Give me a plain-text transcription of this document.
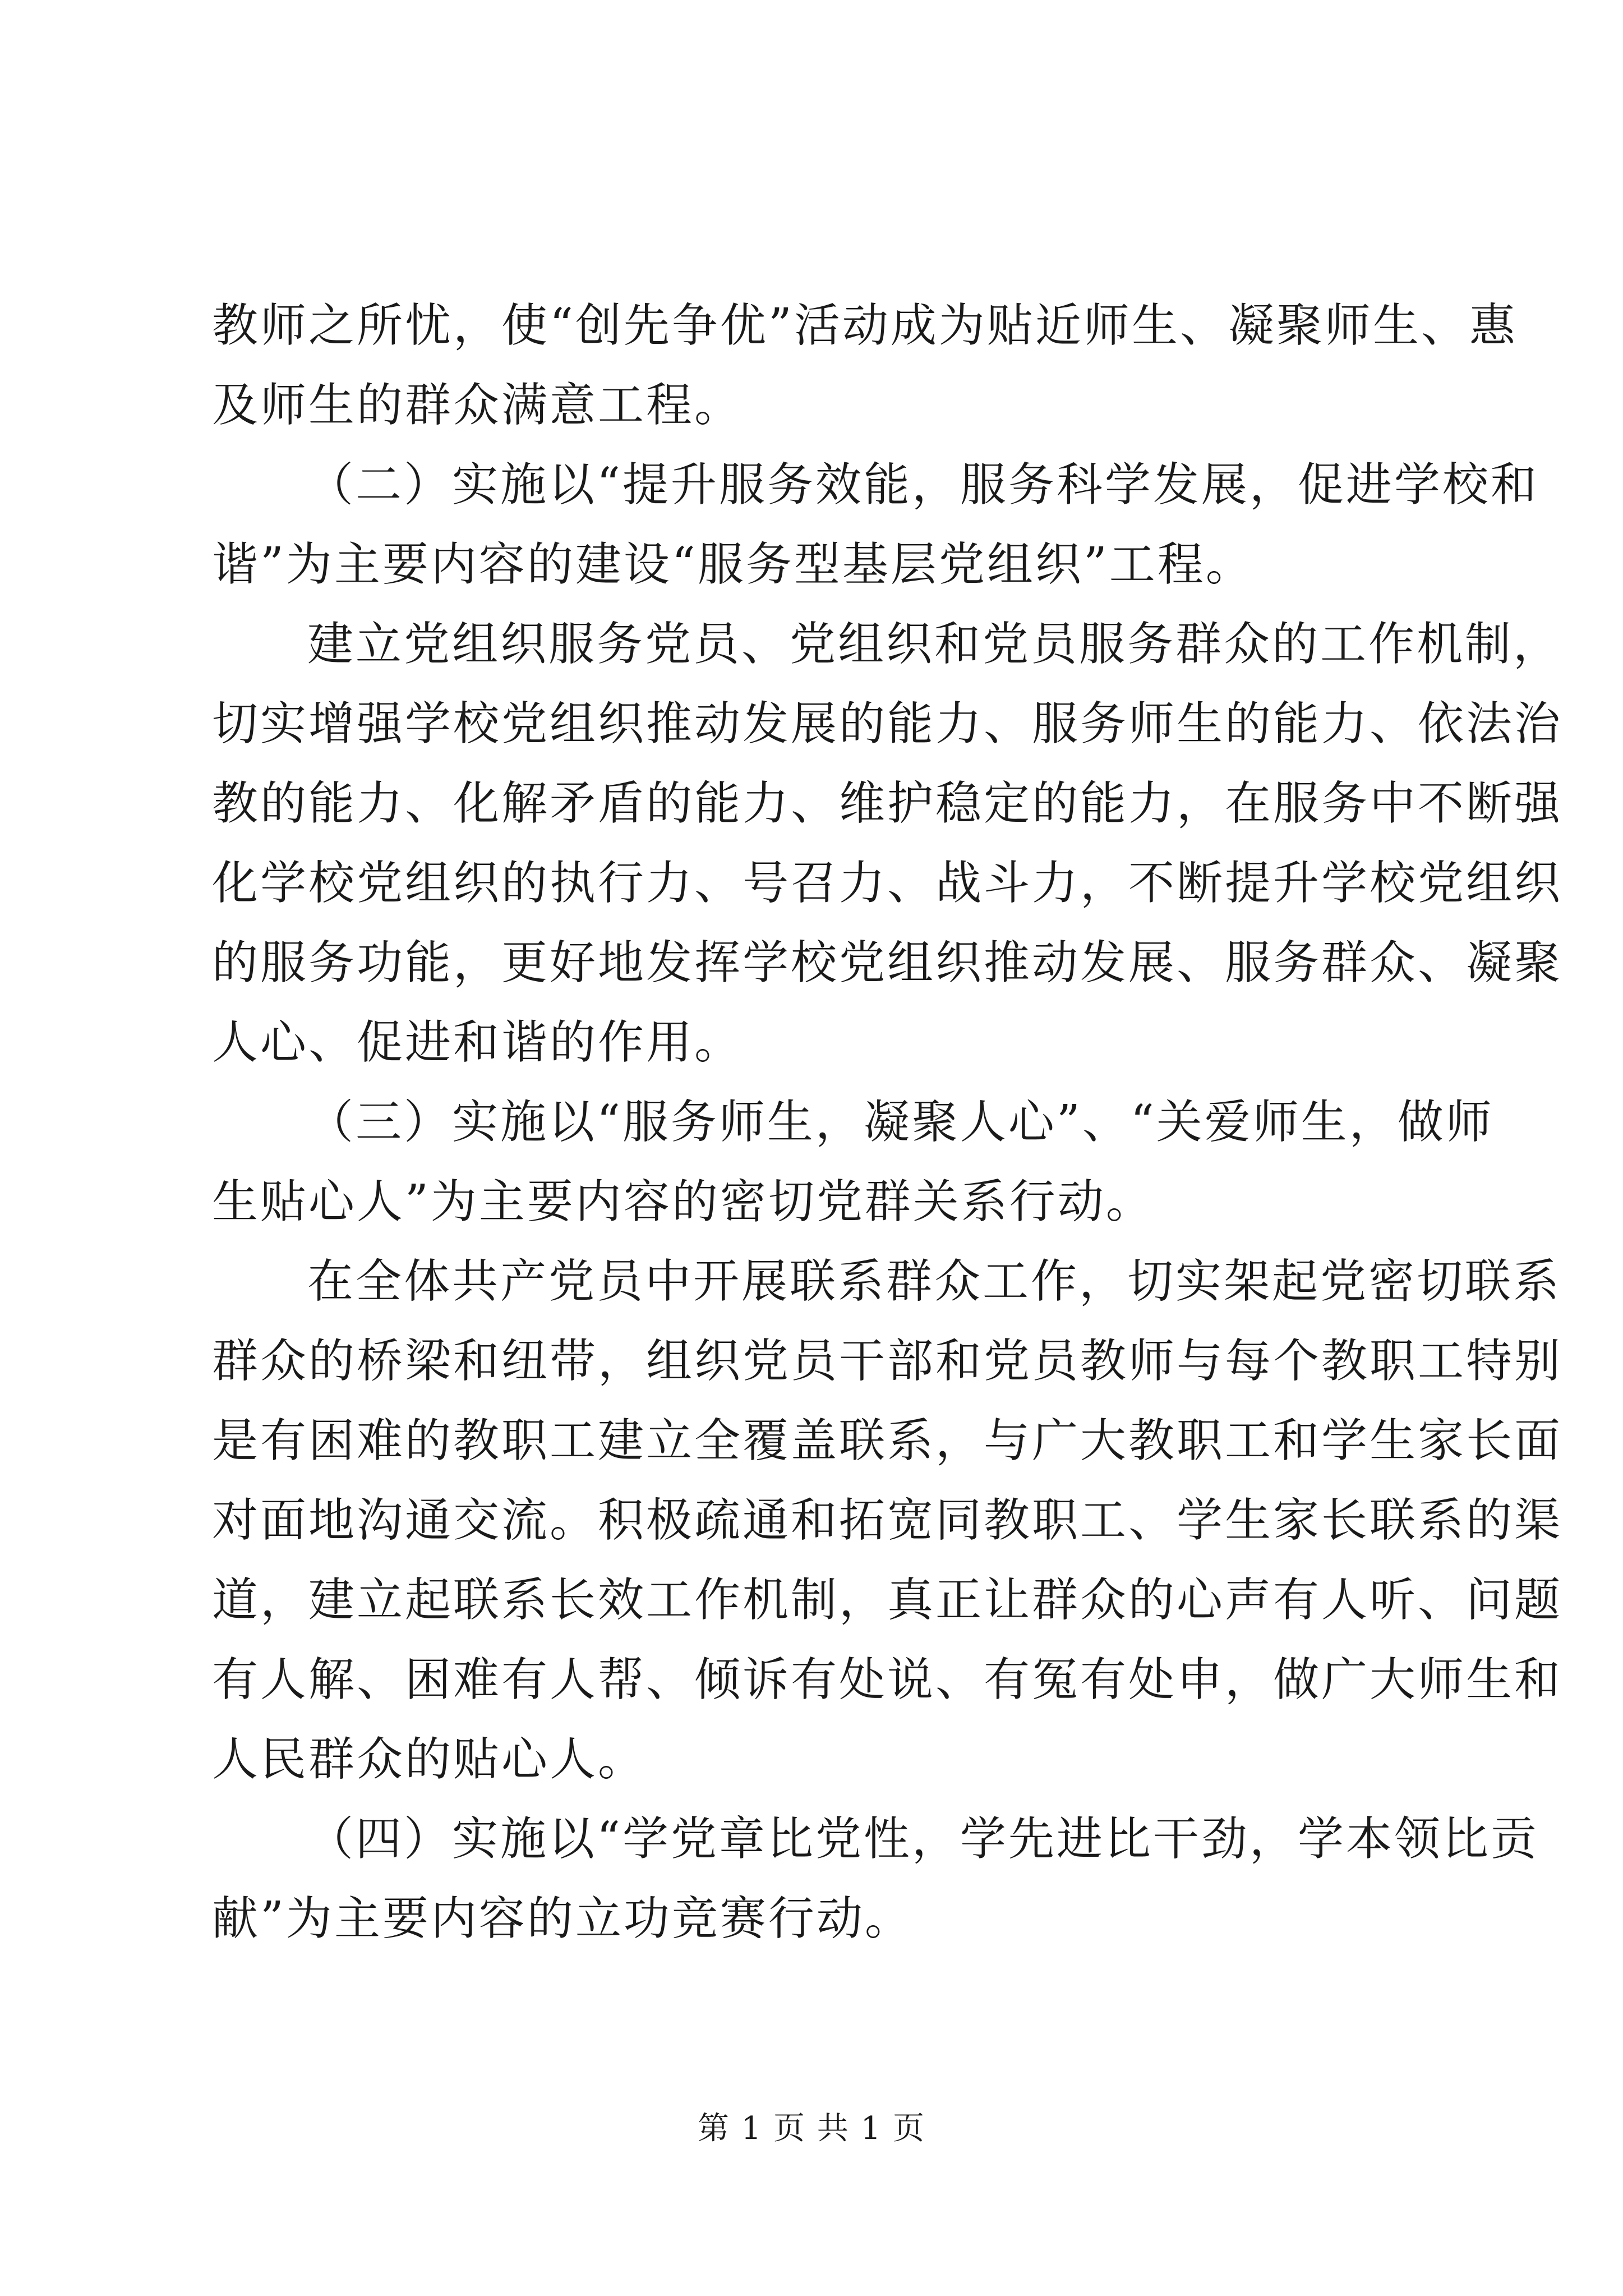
教师之所忧，使“创先争优”活动成为贴近师生、凝聚师生、惠
及师生的群众满意工程。
（二）实施以“提升服务效能，服务科学发展，促进学校和
谐”为主要内容的建设“服务型基层党组织”工程。
建立党组织服务党员、党组织和党员服务群众的工作机制，
切实增强学校党组织推动发展的能力、服务师生的能力、依法治
教的能力、化解矛盾的能力、维护稳定的能力，在服务中不断强
化学校党组织的执行力、号召力、战斗力，不断提升学校党组织
的服务功能，更好地发挥学校党组织推动发展、服务群众、凝聚
人心、促进和谐的作用。
（三）实施以“服务师生，凝聚人心”、“关爱师生，做师
生贴心人”为主要内容的密切党群关系行动。
在全体共产党员中开展联系群众工作，切实架起党密切联系
群众的桥梁和纽带，组织党员干部和党员教师与每个教职工特别
是有困难的教职工建立全覆盖联系，与广大教职工和学生家长面
对面地沟通交流。积极疏通和拓宽同教职工、学生家长联系的渠
道，建立起联系长效工作机制，真正让群众的心声有人听、问题
有人解、困难有人帮、倾诉有处说、有冤有处申，做广大师生和
人民群众的贴心人。
（四）实施以“学党章比党性，学先进比干劲，学本领比贡
献”为主要内容的立功竞赛行动。
第 1 页 共 1 页
